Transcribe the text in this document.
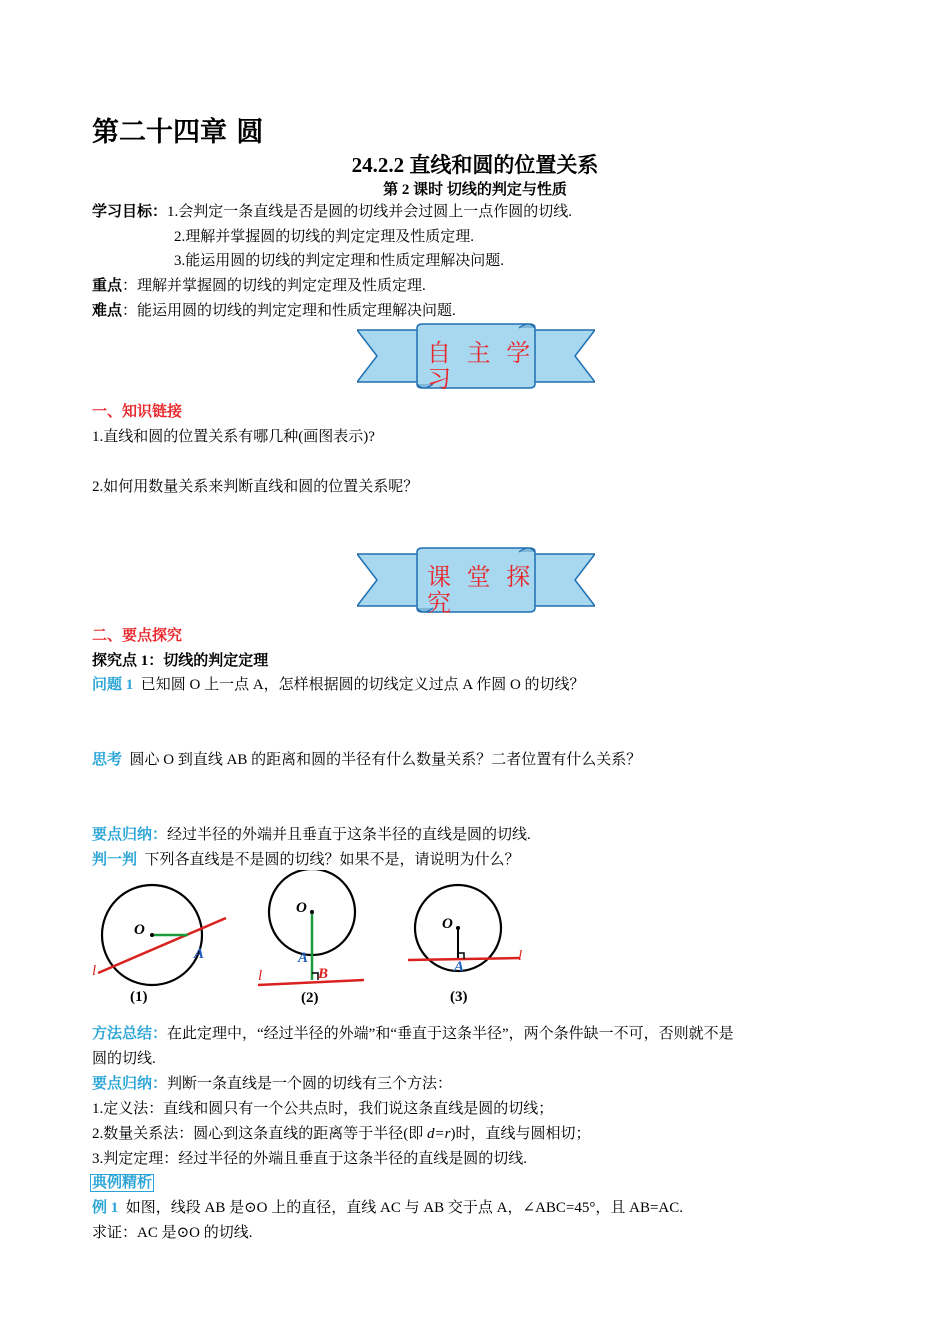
第二十四章 圆
24.2.2 直线和圆的位置关系
第 2 课时 切线的判定与性质
学习目标：1.会判定一条直线是否是圆的切线并会过圆上一点作圆的切线.
2.理解并掌握圆的切线的判定定理及性质定理.
3.能运用圆的切线的判定定理和性质定理解决问题.
重点：理解并掌握圆的切线的判定定理及性质定理.
难点：能运用圆的切线的判定定理和性质定理解决问题.
自 主 学 习
一、知识链接
1.直线和圆的位置关系有哪几种(画图表示)?
2.如何用数量关系来判断直线和圆的位置关系呢？
课 堂 探 究
二、要点探究
探究点 1：切线的判定定理
问题 1 已知圆 O 上一点 A，怎样根据圆的切线定义过点 A 作圆 O 的切线？
思考 圆心 O 到直线 AB 的距离和圆的半径有什么数量关系？二者位置有什么关系？
要点归纳：经过半径的外端并且垂直于这条半径的直线是圆的切线.
判一判 下列各直线是不是圆的切线？如果不是，请说明为什么？
O
A
l
(1)
O
A
B
l
(2)
O
A
l
(3)
方法总结：在此定理中，“经过半径的外端”和“垂直于这条半径”，两个条件缺一不可，否则就不是
圆的切线.
要点归纳：判断一条直线是一个圆的切线有三个方法：
1.定义法：直线和圆只有一个公共点时，我们说这条直线是圆的切线；
2.数量关系法：圆心到这条直线的距离等于半径(即 d=r)时，直线与圆相切；
3.判定定理：经过半径的外端且垂直于这条半径的直线是圆的切线.
典例精析
例 1 如图，线段 AB 是⊙O 上的直径，直线 AC 与 AB 交于点 A，∠ABC=45°，且 AB=AC.
求证：AC 是⊙O 的切线.
